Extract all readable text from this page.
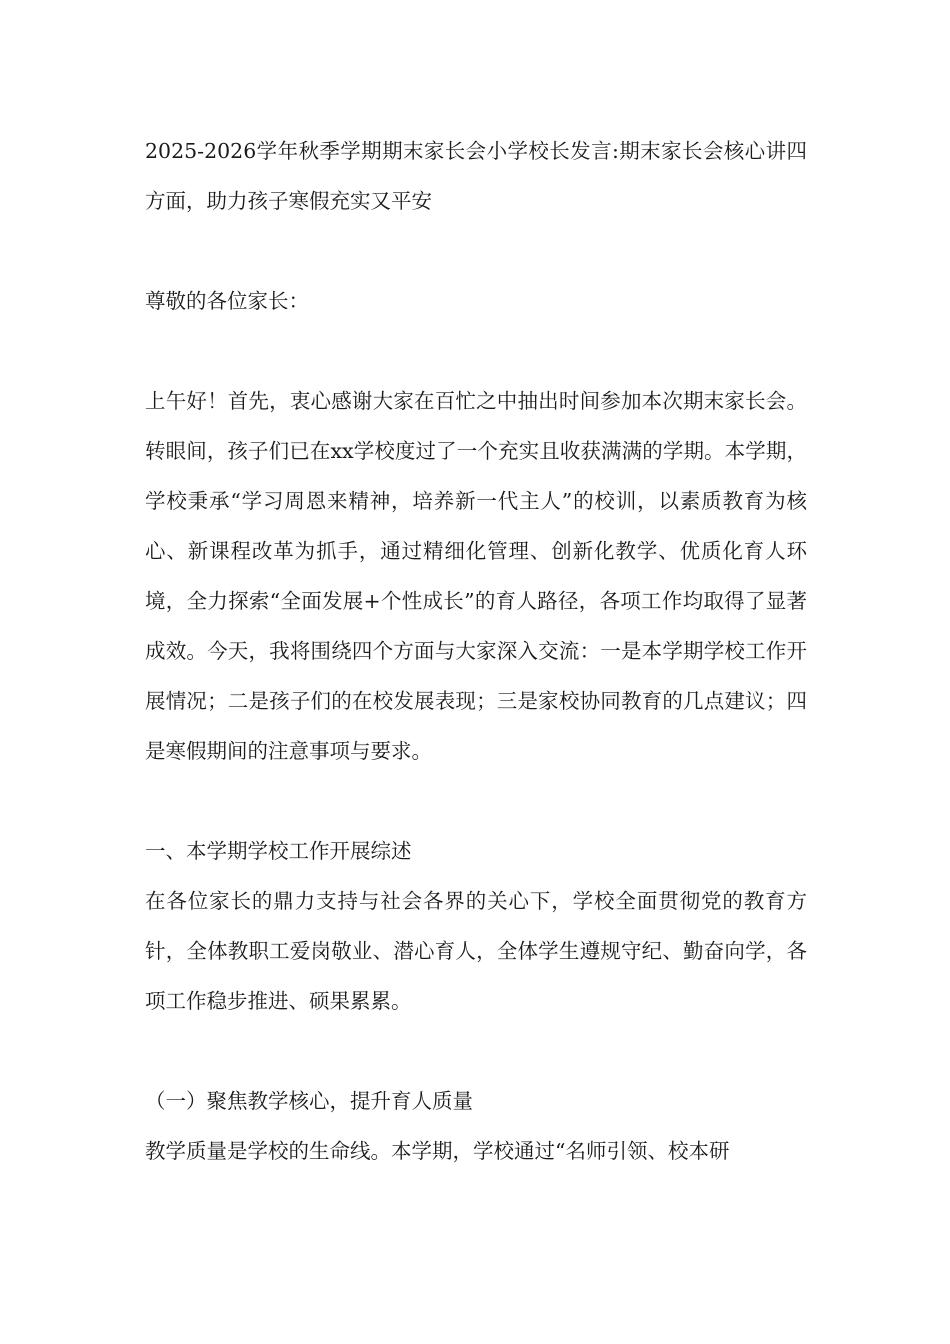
2025-2026学年秋季学期期末家长会小学校长发言:期末家长会核心讲四方面，助力孩子寒假充实又平安

尊敬的各位家长：

上午好！首先，衷心感谢大家在百忙之中抽出时间参加本次期末家长会。转眼间，孩子们已在xx学校度过了一个充实且收获满满的学期。本学期，学校秉承“学习周恩来精神，培养新一代主人”的校训，以素质教育为核心、新课程改革为抓手，通过精细化管理、创新化教学、优质化育人环境，全力探索“全面发展+个性成长”的育人路径，各项工作均取得了显著成效。今天，我将围绕四个方面与大家深入交流：一是本学期学校工作开展情况；二是孩子们的在校发展表现；三是家校协同教育的几点建议；四是寒假期间的注意事项与要求。

一、本学期学校工作开展综述

在各位家长的鼎力支持与社会各界的关心下，学校全面贯彻党的教育方针，全体教职工爱岗敬业、潜心育人，全体学生遵规守纪、勤奋向学，各项工作稳步推进、硕果累累。

（一）聚焦教学核心，提升育人质量

教学质量是学校的生命线。本学期，学校通过“名师引领、校本研
